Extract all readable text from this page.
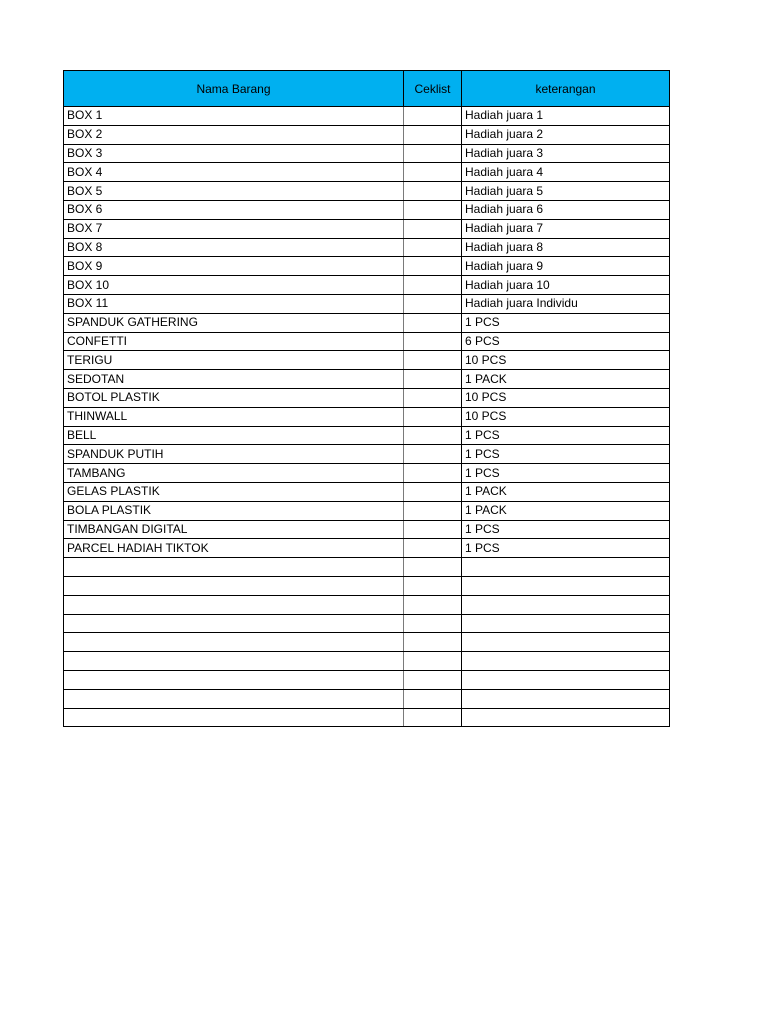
Nama Barang	Ceklist	keterangan
BOX 1		Hadiah juara 1
BOX 2		Hadiah juara 2
BOX 3		Hadiah juara 3
BOX 4		Hadiah juara 4
BOX 5		Hadiah juara 5
BOX 6		Hadiah juara 6
BOX 7		Hadiah juara 7
BOX 8		Hadiah juara 8
BOX 9		Hadiah juara 9
BOX 10		Hadiah juara 10
BOX 11		Hadiah juara Individu
SPANDUK GATHERING		1 PCS
CONFETTI		6 PCS
TERIGU		10 PCS
SEDOTAN		1 PACK
BOTOL PLASTIK		10 PCS
THINWALL		10 PCS
BELL		1 PCS
SPANDUK PUTIH		1 PCS
TAMBANG		1 PCS
GELAS PLASTIK		1 PACK
BOLA PLASTIK		1 PACK
TIMBANGAN DIGITAL		1 PCS
PARCEL HADIAH TIKTOK		1 PCS
